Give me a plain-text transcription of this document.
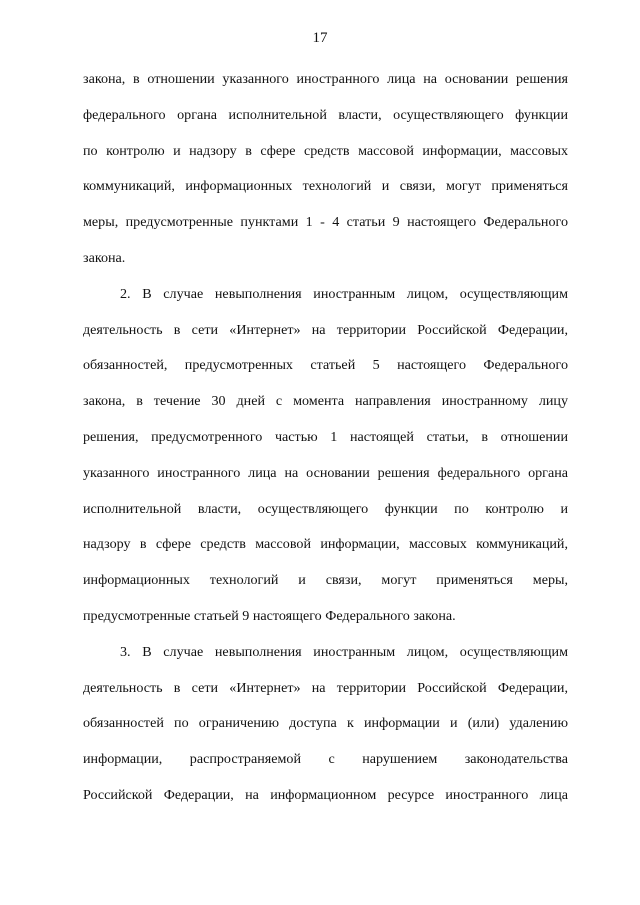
17

закона, в отношении указанного иностранного лица на основании решения
федерального органа исполнительной власти, осуществляющего функции
по контролю и надзору в сфере средств массовой информации, массовых
коммуникаций, информационных технологий и связи, могут применяться
меры, предусмотренные пунктами 1 - 4 статьи 9 настоящего Федерального
закона.

2. В случае невыполнения иностранным лицом, осуществляющим
деятельность в сети «Интернет» на территории Российской Федерации,
обязанностей, предусмотренных статьей 5 настоящего Федерального
закона, в течение 30 дней с момента направления иностранному лицу
решения, предусмотренного частью 1 настоящей статьи, в отношении
указанного иностранного лица на основании решения федерального органа
исполнительной власти, осуществляющего функции по контролю и
надзору в сфере средств массовой информации, массовых коммуникаций,
информационных технологий и связи, могут применяться меры,
предусмотренные статьей 9 настоящего Федерального закона.

3. В случае невыполнения иностранным лицом, осуществляющим
деятельность в сети «Интернет» на территории Российской Федерации,
обязанностей по ограничению доступа к информации и (или) удалению
информации, распространяемой с нарушением законодательства
Российской Федерации, на информационном ресурсе иностранного лица
